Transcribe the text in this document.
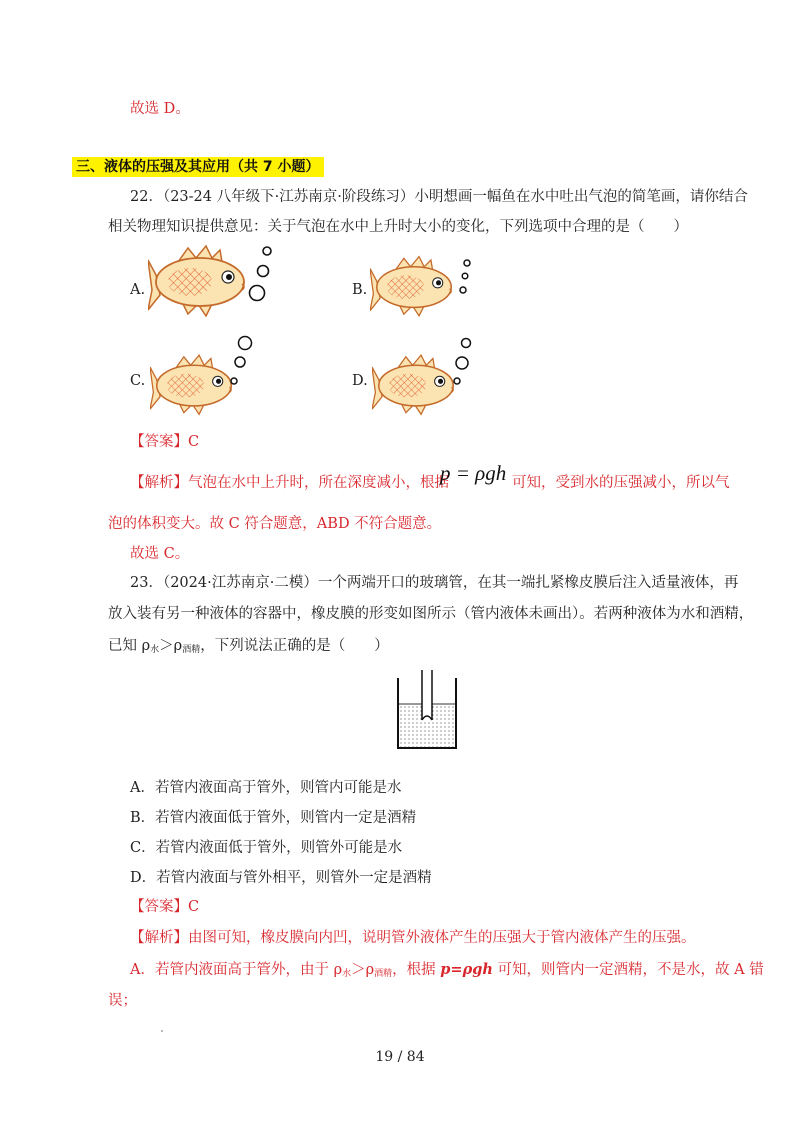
故选 D。
三、液体的压强及其应用（共 7 小题）
22．（23-24 八年级下·江苏南京·阶段练习）小明想画一幅鱼在水中吐出气泡的简笔画，请你结合
相关物理知识提供意见：关于气泡在水中上升时大小的变化，下列选项中合理的是（　　）
A.	B.
C.	D.
【答案】C
【解析】气泡在水中上升时，所在深度减小，根据
p = ρgh 可知，受到水的压强减小，所以气
泡的体积变大。故 C 符合题意，ABD 不符合题意。
故选 C。
23．（2024·江苏南京·二模）一个两端开口的玻璃管，在其一端扎紧橡皮膜后注入适量液体，再
放入装有另一种液体的容器中，橡皮膜的形变如图所示（管内液体未画出）。若两种液体为水和酒精，
已知 $\rho_水>\rho_{酒精}$，下列说法正确的是（　　）
A．若管内液面高于管外，则管内可能是水
B．若管内液面低于管外，则管内一定是酒精
C．若管内液面低于管外，则管外可能是水
D．若管内液面与管外相平，则管外一定是酒精
【答案】C
【解析】由图可知，橡皮膜向内凹，说明管外液体产生的压强大于管内液体产生的压强。
A．若管内液面高于管外，由于 $\rho_水>\rho_{酒精}$，根据 p=ρgh 可知，则管内一定酒精，不是水，故 A 错
误；
19 / 84
